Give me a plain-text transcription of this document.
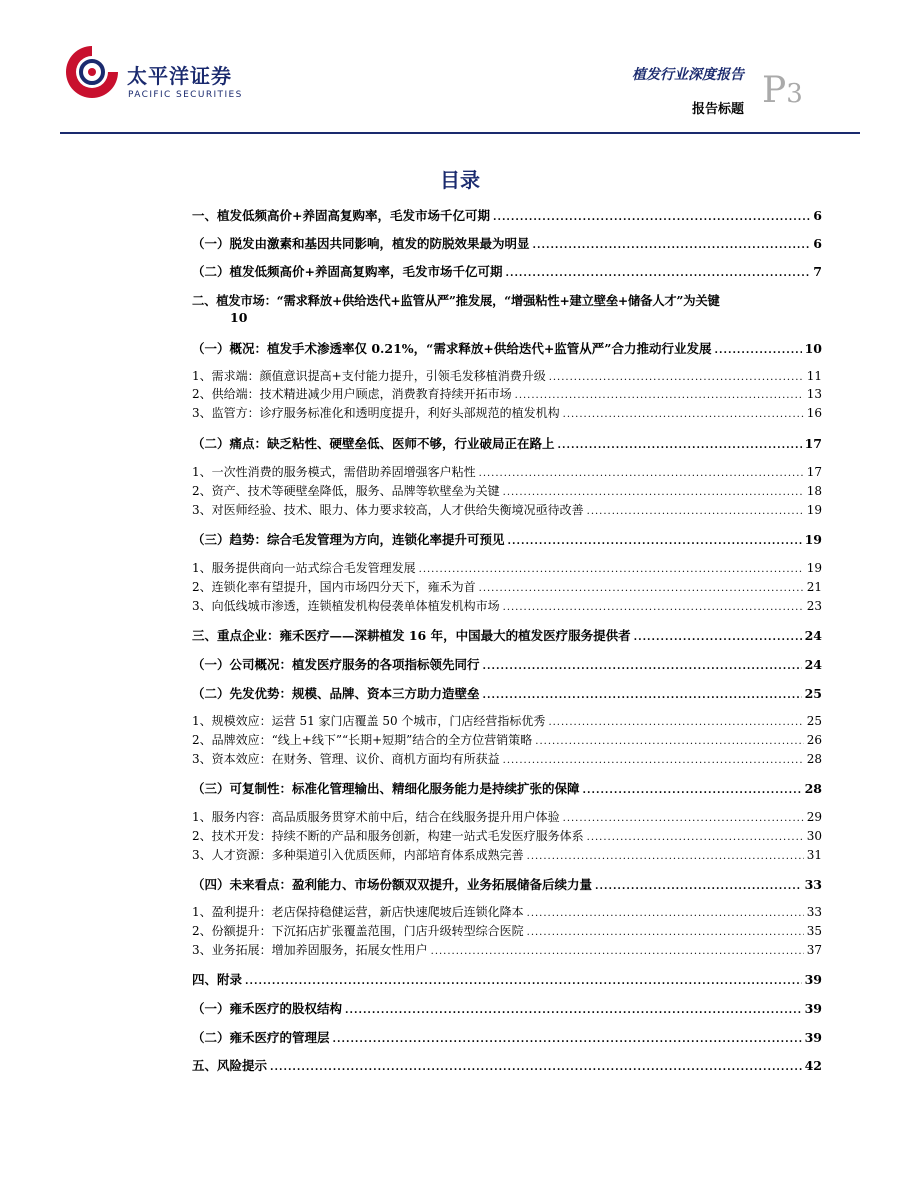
太平洋证券
PACIFIC SECURITIES
植发行业深度报告
报告标题 P3
目录
一、植发低频高价+养固高复购率，毛发市场千亿可期 .....	6
（一）脱发由激素和基因共同影响，植发的防脱效果最为明显 .....	6
（二）植发低频高价+养固高复购率，毛发市场千亿可期 .....	7
二、植发市场：“需求释放+供给迭代+监管从严”推发展，“增强粘性+建立壁垒+储备人才”为关键
10
（一）概况：植发手术渗透率仅 0.21%，“需求释放+供给迭代+监管从严”合力推动行业发展 .....	10
1、需求端：颜值意识提高+支付能力提升，引领毛发移植消费升级 .....	11
2、供给端：技术精进减少用户顾虑，消费教育持续开拓市场 .....	13
3、监管方：诊疗服务标准化和透明度提升，利好头部规范的植发机构 .....	16
（二）痛点：缺乏粘性、硬壁垒低、医师不够，行业破局正在路上 .....	17
1、一次性消费的服务模式，需借助养固增强客户粘性 .....	17
2、资产、技术等硬壁垒降低，服务、品牌等软壁垒为关键 .....	18
3、对医师经验、技术、眼力、体力要求较高，人才供给失衡境况亟待改善 .....	19
（三）趋势：综合毛发管理为方向，连锁化率提升可预见 .....	19
1、服务提供商向一站式综合毛发管理发展 .....	19
2、连锁化率有望提升，国内市场四分天下，雍禾为首 .....	21
3、向低线城市渗透，连锁植发机构侵袭单体植发机构市场 .....	23
三、重点企业：雍禾医疗——深耕植发 16 年，中国最大的植发医疗服务提供者 .....	24
（一）公司概况：植发医疗服务的各项指标领先同行 .....	24
（二）先发优势：规模、品牌、资本三方助力造壁垒 .....	25
1、规模效应：运营 51 家门店覆盖 50 个城市，门店经营指标优秀 .....	25
2、品牌效应：“线上+线下”“长期+短期”结合的全方位营销策略 .....	26
3、资本效应：在财务、管理、议价、商机方面均有所获益 .....	28
（三）可复制性：标准化管理输出、精细化服务能力是持续扩张的保障 .....	28
1、服务内容：高品质服务贯穿术前中后，结合在线服务提升用户体验 .....	29
2、技术开发：持续不断的产品和服务创新，构建一站式毛发医疗服务体系 .....	30
3、人才资源：多种渠道引入优质医师，内部培育体系成熟完善 .....	31
（四）未来看点：盈利能力、市场份额双双提升，业务拓展储备后续力量 .....	33
1、盈利提升：老店保持稳健运营，新店快速爬坡后连锁化降本 .....	33
2、份额提升：下沉拓店扩张覆盖范围，门店升级转型综合医院 .....	35
3、业务拓展：增加养固服务，拓展女性用户 .....	37
四、附录 .....	39
（一）雍禾医疗的股权结构 .....	39
（二）雍禾医疗的管理层 .....	39
五、风险提示 .....	42
